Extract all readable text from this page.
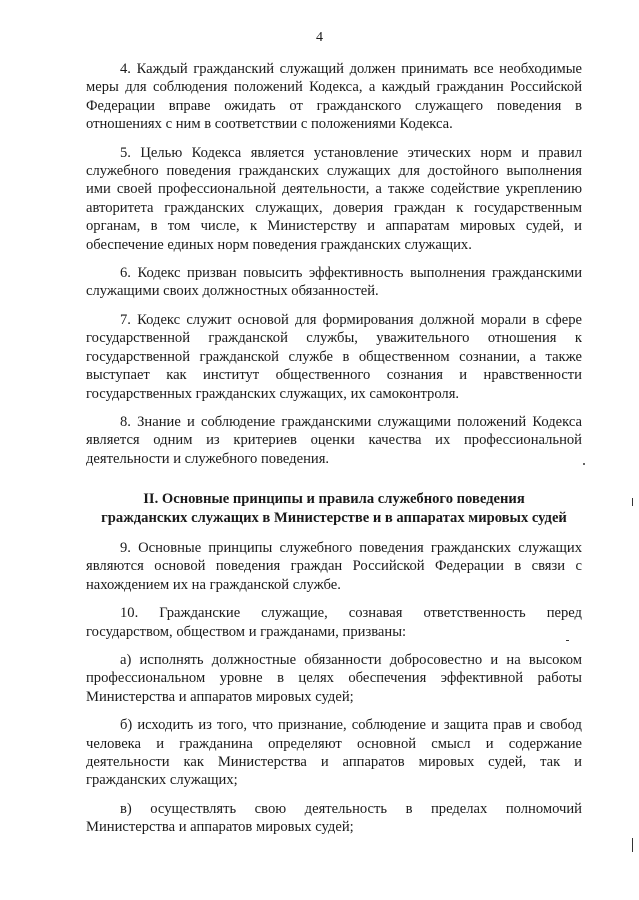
4

4. Каждый гражданский служащий должен принимать все необходимые меры для соблюдения положений Кодекса, а каждый гражданин Российской Федерации вправе ожидать от гражданского служащего поведения в отношениях с ним в соответствии с положениями Кодекса.

5. Целью Кодекса является установление этических норм и правил служебного поведения гражданских служащих для достойного выполнения ими своей профессиональной деятельности, а также содействие укреплению авторитета гражданских служащих, доверия граждан к государственным органам, в том числе, к Министерству и аппаратам мировых судей, и обеспечение единых норм поведения гражданских служащих.

6. Кодекс призван повысить эффективность выполнения гражданскими служащими своих должностных обязанностей.

7. Кодекс служит основой для формирования должной морали в сфере государственной гражданской службы, уважительного отношения к государственной гражданской службе в общественном сознании, а также выступает как институт общественного сознания и нравственности государственных гражданских служащих, их самоконтроля.

8. Знание и соблюдение гражданскими служащими положений Кодекса является одним из критериев оценки качества их профессиональной деятельности и служебного поведения.

II. Основные принципы и правила служебного поведения
гражданских служащих в Министерстве и в аппаратах мировых судей

9. Основные принципы служебного поведения гражданских служащих являются основой поведения граждан Российской Федерации в связи с нахождением их на гражданской службе.

10. Гражданские служащие, сознавая ответственность перед государством, обществом и гражданами, призваны:

а) исполнять должностные обязанности добросовестно и на высоком профессиональном уровне в целях обеспечения эффективной работы Министерства и аппаратов мировых судей;

б) исходить из того, что признание, соблюдение и защита прав и свобод человека и гражданина определяют основной смысл и содержание деятельности как Министерства и аппаратов мировых судей, так и гражданских служащих;

в) осуществлять свою деятельность в пределах полномочий Министерства и аппаратов мировых судей;
